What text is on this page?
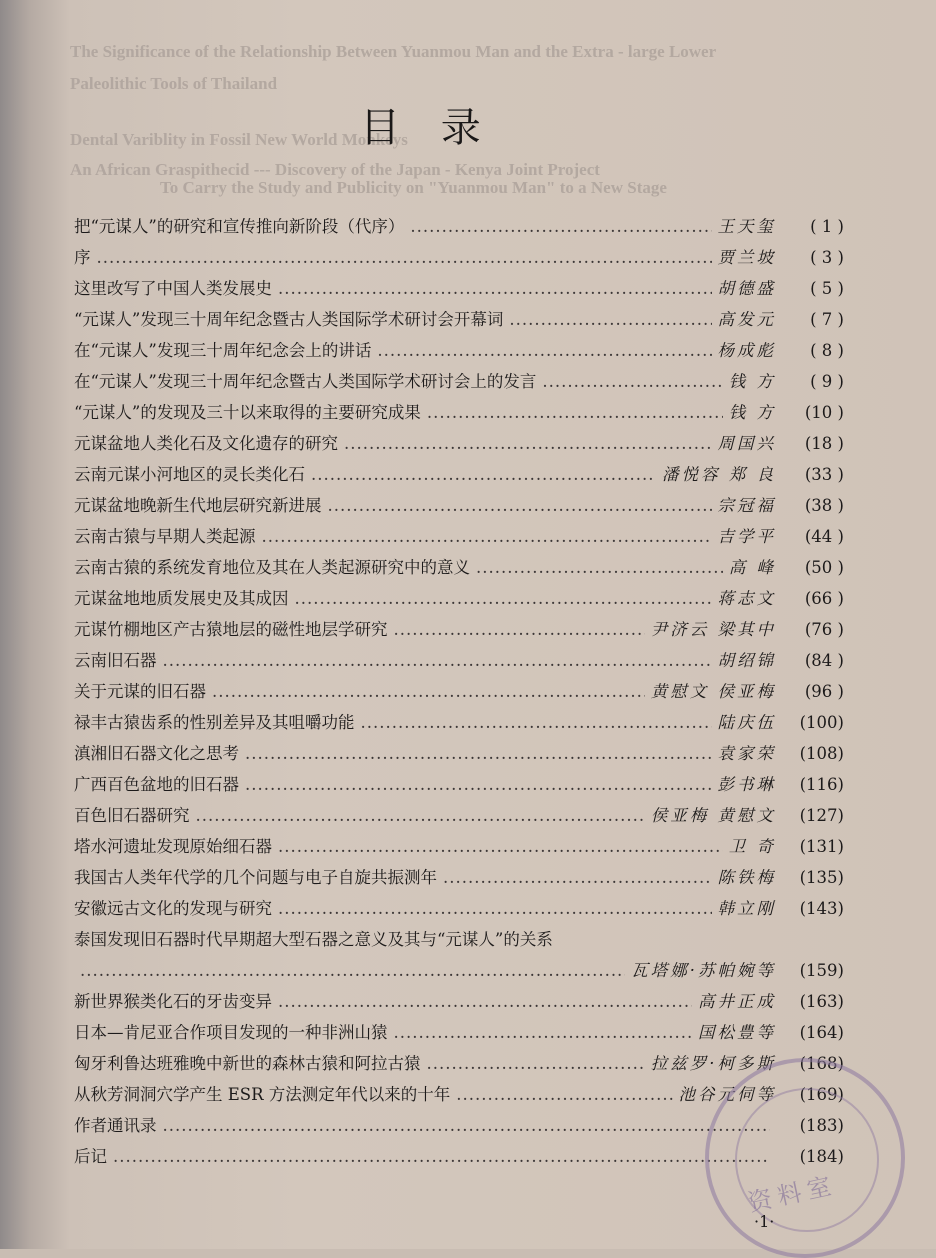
The Significance of the Relationship Between Yuanmou Man and the Extra - large Lower
Paleolithic Tools of Thailand
Dental Variblity in Fossil New World Monkeys
An African Graspithecid --- Discovery of the Japan - Kenya Joint Project
To Carry the Study and Publicity on "Yuanmou Man" to a New Stage
目 录
把“元谋人”的研究和宣传推向新阶段（代序） .....	王天玺	( 1 )
序 .....	贾兰坡	( 3 )
这里改写了中国人类发展史 .....	胡德盛	( 5 )
“元谋人”发现三十周年纪念暨古人类国际学术研讨会开幕词 .....	高发元	( 7 )
在“元谋人”发现三十周年纪念会上的讲话 .....	杨成彪	( 8 )
在“元谋人”发现三十周年纪念暨古人类国际学术研讨会上的发言 .....	钱 方	( 9 )
“元谋人”的发现及三十以来取得的主要研究成果 .....	钱 方	(10 )
元谋盆地人类化石及文化遗存的研究 .....	周国兴	(18 )
云南元谋小河地区的灵长类化石 .....	潘悦容 郑 良	(33 )
元谋盆地晚新生代地层研究新进展 .....	宗冠福	(38 )
云南古猿与早期人类起源 .....	吉学平	(44 )
云南古猿的系统发育地位及其在人类起源研究中的意义 .....	高 峰	(50 )
元谋盆地地质发展史及其成因 .....	蒋志文	(66 )
元谋竹棚地区产古猿地层的磁性地层学研究 .....	尹济云 梁其中	(76 )
云南旧石器 .....	胡绍锦	(84 )
关于元谋的旧石器 .....	黄慰文 侯亚梅	(96 )
禄丰古猿齿系的性别差异及其咀嚼功能 .....	陆庆伍	(100)
滇湘旧石器文化之思考 .....	袁家荣	(108)
广西百色盆地的旧石器 .....	彭书琳	(116)
百色旧石器研究 .....	侯亚梅 黄慰文	(127)
塔水河遗址发现原始细石器 .....	卫 奇	(131)
我国古人类年代学的几个问题与电子自旋共振测年 .....	陈铁梅	(135)
安徽远古文化的发现与研究 .....	韩立刚	(143)
泰国发现旧石器时代早期超大型石器之意义及其与“元谋人”的关系
.....
瓦塔娜·苏帕婉等	(159)
新世界猴类化石的牙齿变异 .....	高井正成	(163)
日本—肯尼亚合作项目发现的一种非洲山猿 .....	国松豊等	(164)
匈牙利鲁达班雅晚中新世的森林古猿和阿拉古猿 .....	拉兹罗·柯多斯	(168)
从秋芳洞洞穴学产生 ESR 方法测定年代以来的十年 .....	池谷元伺等	(169)
作者通讯录 .....	(183)
后记 .....	(184)
资料室
·1·
